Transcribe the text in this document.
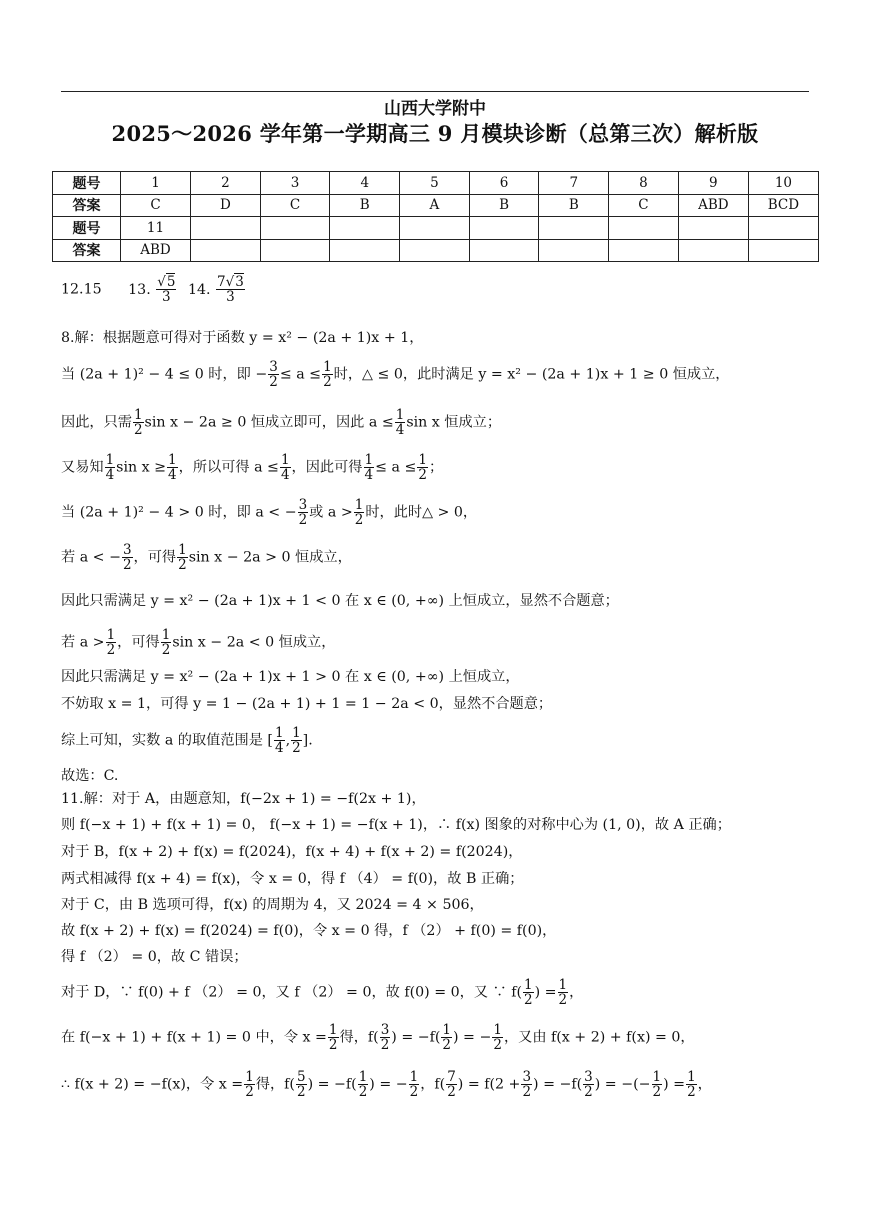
山西大学附中
2025～2026 学年第一学期高三 9 月模块诊断（总第三次）解析版
题号	1	2	3	4	5	6	7	8	9	10
答案	C	D	C	B	A	B	B	C	ABD	BCD
题号	11									
答案	ABD									
12.15 13. $\frac{√5}{3} 14$. $\frac{7√3}{3}$
8.解：根据题意可得对于函数 y = x² − (2a + 1)x + 1，
当 (2a + 1)² − 4 ≤ 0 时，即 − $\frac{3}{2} \le a \le \frac{1}{2}$ 时，△ ≤ 0，此时满足 y = x² − (2a + 1)x + 1 ≥ 0 恒成立，
因此，只需 $\frac{1}{2}$ sin x − 2a ≥ 0 恒成立即可，因此 $a \le \frac{1}{4}$ sin x 恒成立；
又易知 $\frac{1}{4}$ $\sin x \ge \frac{1}{4}$ ，所以可得 $a \le \frac{1}{4}$ ，因此可得 $\frac{1}{4} \le a \le \frac{1}{2}$ ；
当 (2a + 1)² − 4 > 0 时，即 a < − $\frac{3}{2}$ 或 $a > \frac{1}{2}$ 时，此时△ > 0，
若 a < − $\frac{3}{2}$ ，可得 $\frac{1}{2}$ sin x − 2a > 0 恒成立，
因此只需满足 y = x² − (2a + 1)x + 1 < 0 在 x ∈ (0, +∞) 上恒成立，显然不合题意；
若 $a > \frac{1}{2}$ ，可得 $\frac{1}{2}$ sin x − 2a < 0 恒成立，
因此只需满足 y = x² − (2a + 1)x + 1 > 0 在 x ∈ (0, +∞) 上恒成立，
不妨取 x = 1，可得 y = 1 − (2a + 1) + 1 = 1 − 2a < 0，显然不合题意；
综上可知，实数 a 的取值范围是 [ $\frac{1}{4}$ , $\frac{1}{2}$ ].
故选：C.
11.解：对于 A，由题意知，f(−2x + 1) = −f(2x + 1)，
则 f(−x + 1) + f(x + 1) = 0， f(−x + 1) = −f(x + 1)，∴ f(x) 图象的对称中心为 (1, 0)，故 A 正确；
对于 B，f(x + 2) + f(x) = f(2024)，f(x + 4) + f(x + 2) = f(2024)，
两式相减得 f(x + 4) = f(x)，令 x = 0，得 f （4） = f(0)，故 B 正确；
对于 C，由 B 选项可得，f(x) 的周期为 4，又 2024 = 4 × 506，
故 f(x + 2) + f(x) = f(2024) = f(0)，令 x = 0 得，f （2） + f(0) = f(0)，
得 f （2） = 0，故 C 错误；
对于 D，∵ f(0) + f （2） = 0，又 f （2） = 0，故 f(0) = 0，又 ∵ $f( \frac{1}{2}$ ) = $\frac{1}{2}$ ，
在 f(−x + 1) + f(x + 1) = 0 中，令 $x = \frac{1}{2}$ 得，$f( \frac{3}{2}$ ) = $-f( \frac{1}{2}$ ) = − $\frac{1}{2}$ ，又由 f(x + 2) + f(x) = 0，
∴ f(x + 2) = −f(x)，令 $x = \frac{1}{2}$ 得，$f( \frac{5}{2}$ ) = $-f( \frac{1}{2}$ ) = − $\frac{1}{2}$ ，$f( \frac{7}{2}$ ) = $f(2 + \frac{3}{2}$ ) = $-f( \frac{3}{2}$ ) = −(− $\frac{1}{2}$ ) = $\frac{1}{2}$ ，
